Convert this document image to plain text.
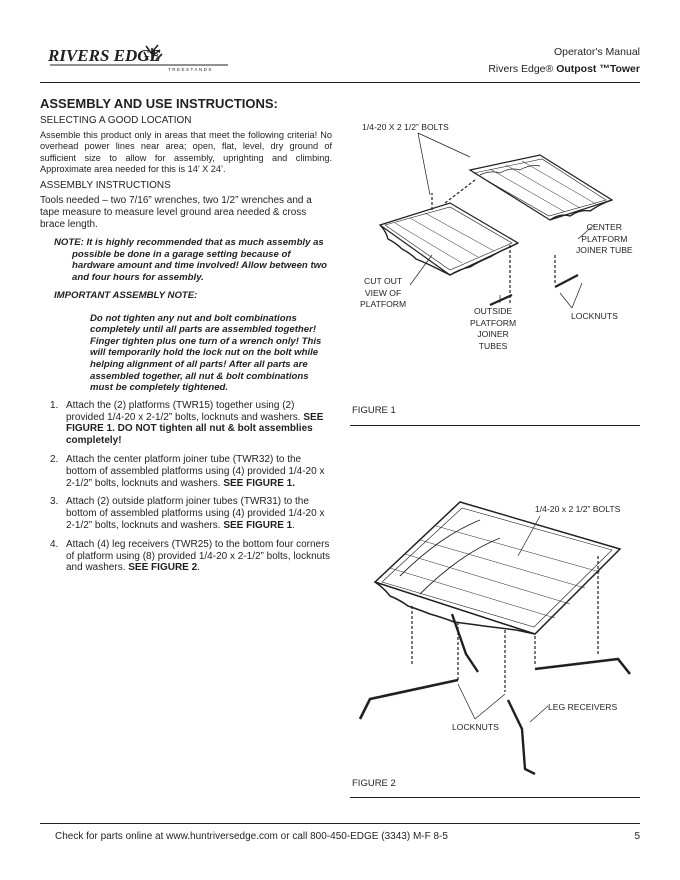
RIVERS EDGE
TREESTANDS
Operator's Manual
Rivers Edge® Outpost ™Tower
ASSEMBLY AND USE INSTRUCTIONS:
SELECTING A GOOD LOCATION
Assemble this product only in areas that meet the following criteria! No overhead power lines near area; open, flat, level, dry ground of sufficient size to allow for assembly, uprighting and climbing. Approximate area needed for this is 14’ X 24’.
ASSEMBLY INSTRUCTIONS
Tools needed – two 7/16” wrenches, two 1/2” wrenches and a tape measure to measure level ground area needed & cross brace length.
NOTE: It is highly recommended that as much assembly as possible be done in a garage setting because of hardware amount and time involved! Allow between two and four hours for assembly.
IMPORTANT ASSEMBLY NOTE:
Do not tighten any nut and bolt combinations completely until all parts are assembled together! Finger tighten plus one turn of a wrench only! This will temporarily hold the lock nut on the bolt while helping alignment of all parts! After all parts are assembled together, all nut & bolt combinations must be completely tightened.
1. Attach the (2) platforms (TWR15) together using (2) provided 1/4-20 x 2-1/2” bolts, locknuts and washers. SEE FIGURE 1. DO NOT tighten all nut & bolt assemblies completely!
2. Attach the center platform joiner tube (TWR32) to the bottom of assembled platforms using (4) provided 1/4-20 x 2-1/2” bolts, locknuts and washers. SEE FIGURE 1.
3. Attach (2) outside platform joiner tubes (TWR31) to the bottom of assembled platforms using (4) provided 1/4-20 x 2-1/2” bolts, locknuts and washers. SEE FIGURE 1.
4. Attach (4) leg receivers (TWR25) to the bottom four corners of platform using (8) provided 1/4-20 x 2-1/2” bolts, locknuts and washers. SEE FIGURE 2.
1/4-20 X 2 1/2” BOLTS
CENTER
PLATFORM
JOINER TUBE
CUT OUT
VIEW OF
PLATFORM
OUTSIDE
PLATFORM
JOINER
TUBES
LOCKNUTS
FIGURE 1
1/4-20 x 2 1/2” BOLTS
LEG RECEIVERS
LOCKNUTS
FIGURE 2
Check for parts online at www.huntriversedge.com or call 800-450-EDGE (3343) M-F 8-5	5
